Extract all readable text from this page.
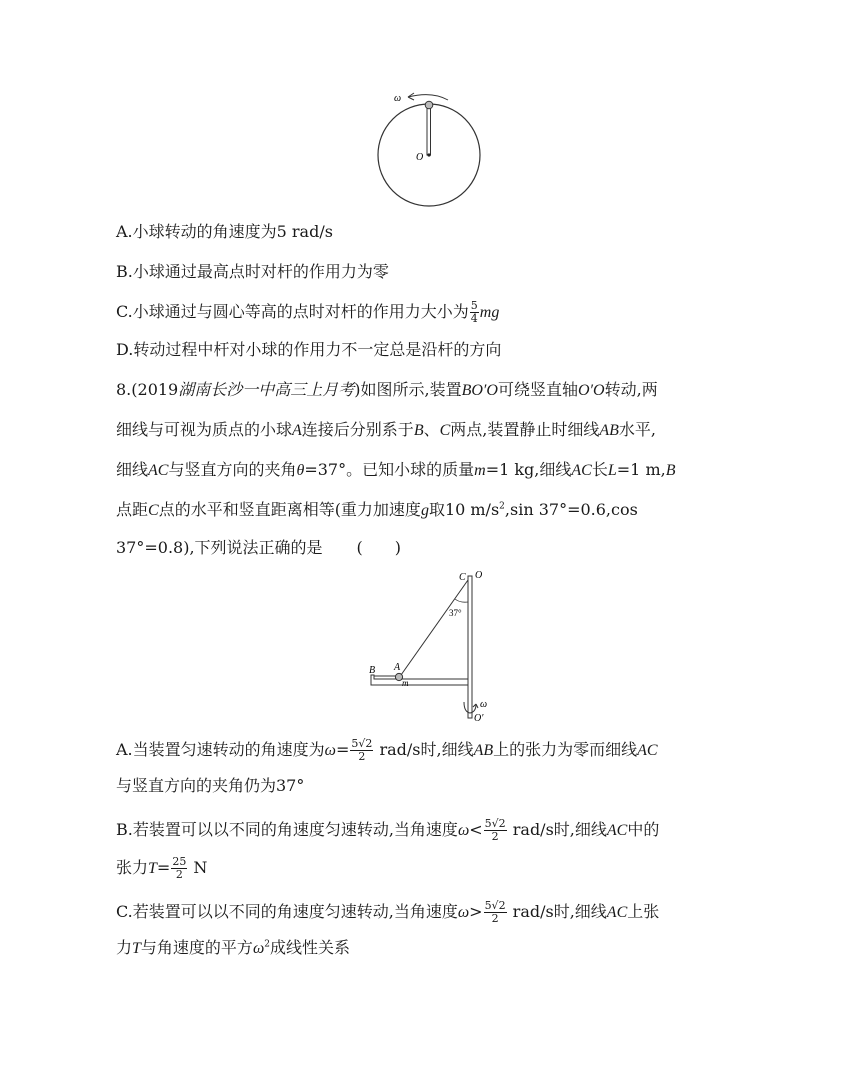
ω
O
A.小球转动的角速度为5 rad/s
B.小球通过最高点时对杆的作用力为零
C.小球通过与圆心等高的点时对杆的作用力大小为 $\frac{5}{4}$ mg
D.转动过程中杆对小球的作用力不一定总是沿杆的方向
8.(2019湖南长沙一中高三上月考)如图所示,装置BO′O可绕竖直轴O′O转动,两
细线与可视为质点的小球A连接后分别系于B、C两点,装置静止时细线AB水平,
细线AC与竖直方向的夹角θ=37°。已知小球的质量m=1 kg,细线AC长L=1 m,B
点距C点的水平和竖直距离相等(重力加速度g取10 $m/s^2,\sin$ 37°=0.6,cos
37°=0.8),下列说法正确的是 (　　)
C O
37°
B A
m
ω
O′
A.当装置匀速转动的角速度为$\omega= \frac{5√2}{2} rad/s$时,细线AB上的张力为零而细线AC
与竖直方向的夹角仍为37°
B.若装置可以以不同的角速度匀速转动,当角速度$\omega< \frac{5√2}{2} rad/s$时,细线AC中的
张力$T= \frac{25}{2}$ N
C.若装置可以以不同的角速度匀速转动,当角速度$\omega> \frac{5√2}{2} rad/s$时,细线AC上张
力T与角速度的平方$\omega^2$成线性关系
